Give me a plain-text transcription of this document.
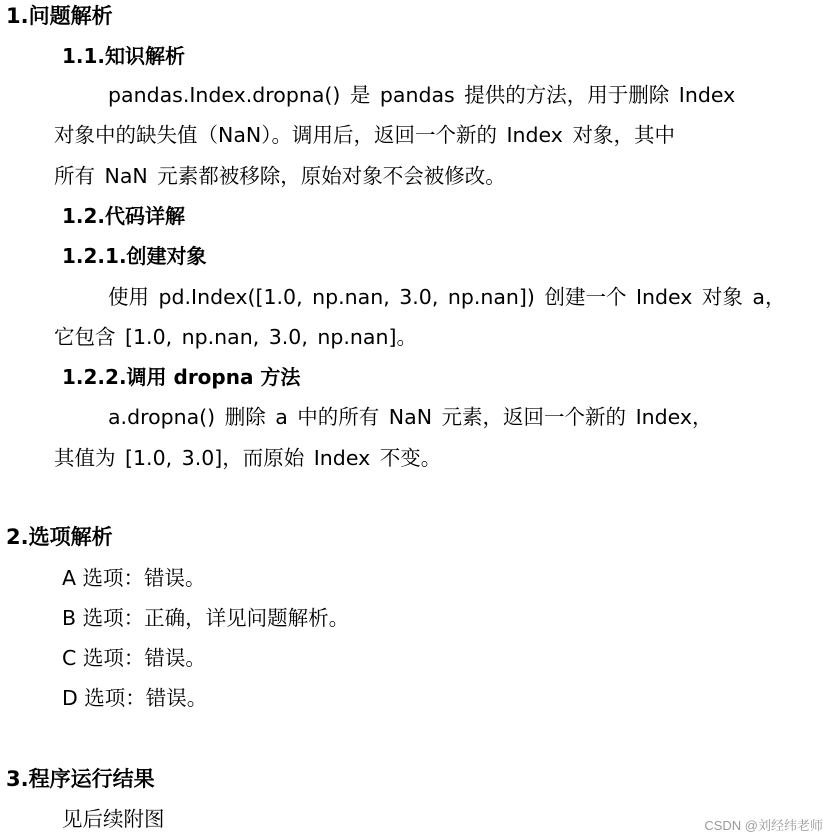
1.问题解析
1.1.知识解析
pandas.Index.dropna() 是 pandas 提供的方法，用于删除 Index
对象中的缺失值（NaN）。调用后，返回一个新的 Index 对象，其中
所有 NaN 元素都被移除，原始对象不会被修改。
1.2.代码详解
1.2.1.创建对象
使用 pd.Index([1.0, np.nan, 3.0, np.nan]) 创建一个 Index 对象 a，
它包含 [1.0, np.nan, 3.0, np.nan]。
1.2.2.调用 dropna 方法
a.dropna() 删除 a 中的所有 NaN 元素，返回一个新的 Index，
其值为 [1.0, 3.0]，而原始 Index 不变。
2.选项解析
A 选项：错误。
B 选项：正确，详见问题解析。
C 选项：错误。
D 选项：错误。
3.程序运行结果
见后续附图	CSDN @刘经纬老师
